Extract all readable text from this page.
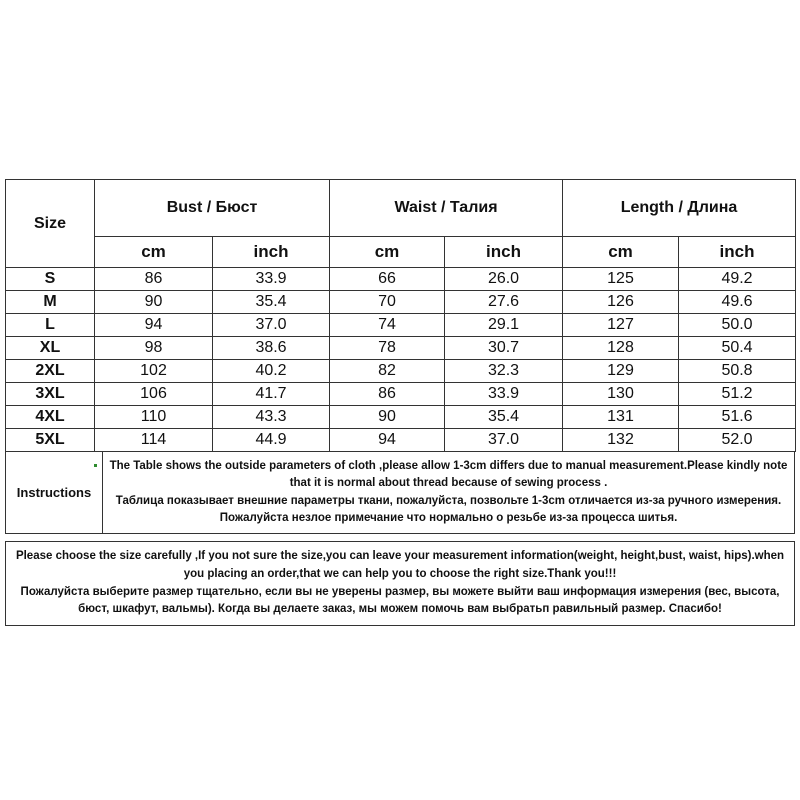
Size	Bust / Бюст		Waist / Талия		Length / Длина	
	cm	inch	cm	inch	cm	inch
S	86	33.9	66	26.0	125	49.2
M	90	35.4	70	27.6	126	49.6
L	94	37.0	74	29.1	127	50.0
XL	98	38.6	78	30.7	128	50.4
2XL	102	40.2	82	32.3	129	50.8
3XL	106	41.7	86	33.9	130	51.2
4XL	110	43.3	90	35.4	131	51.6
5XL	114	44.9	94	37.0	132	52.0
Instructions	
The Table shows the outside parameters of cloth ,please allow 1-3cm differs due to manual measurement.Please kindly note that it is normal about thread because of sewing process .
Таблица показывает внешние параметры ткани, пожалуйста, позвольте 1-3cm отличается из-за ручного измерения. Пожалуйста незлое примечание что нормально о резьбе из-за процесса шитья.
Please choose the size carefully ,If you not sure the size,you can leave your measurement information(weight, height,bust, waist, hips).when you placing an order,that we can help you to choose the right size.Thank you!!!
Пожалуйста выберите размер тщательно, если вы не уверены размер, вы можете выйти ваш информация измерения (вес, высота, бюст, шкафут, вальмы). Когда вы делаете заказ, мы можем помочь вам выбратьп равильный размер. Спасибо!
